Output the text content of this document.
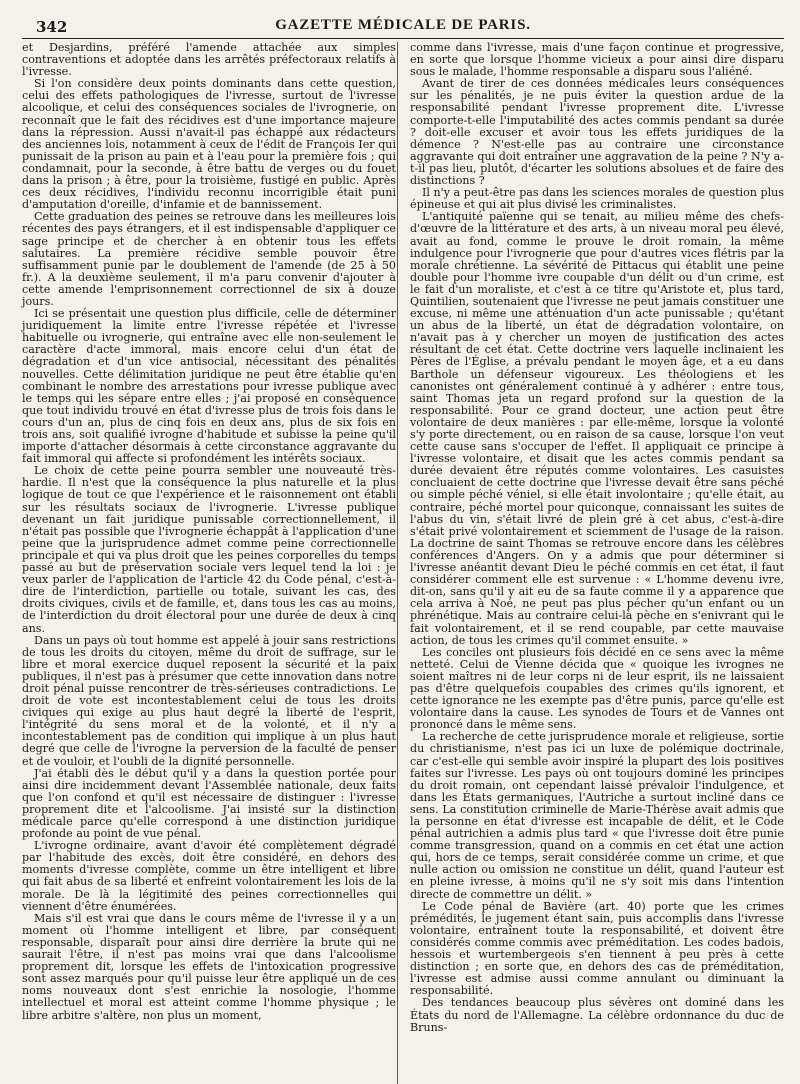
342	GAZETTE MÉDICALE DE PARIS.

et Desjardins, préféré l'amende attachée aux simples contraventions et adoptée dans les arrêtés préfectoraux relatifs à l'ivresse.

Si l'on considère deux points dominants dans cette question, celui des effets pathologiques de l'ivresse, surtout de l'ivresse alcoolique, et celui des conséquences sociales de l'ivrognerie, on reconnaît que le fait des récidives est d'une importance majeure dans la répression. Aussi n'avait-il pas échappé aux rédacteurs des anciennes lois, notamment à ceux de l'édit de François Ier qui punissait de la prison au pain et à l'eau pour la première fois ; qui condamnait, pour la seconde, à être battu de verges ou du fouet dans la prison ; à être, pour la troisième, fustigé en public. Après ces deux récidives, l'individu reconnu incorrigible était puni d'amputation d'oreille, d'infamie et de bannissement.

Cette graduation des peines se retrouve dans les meilleures lois récentes des pays étrangers, et il est indispensable d'appliquer ce sage principe et de chercher à en obtenir tous les effets salutaires. La première récidive semble pouvoir être suffisamment punie par le doublement de l'amende (de 25 à 50 fr.). A la deuxième seulement, il m'a paru convenir d'ajouter à cette amende l'emprisonnement correctionnel de six à douze jours.

Ici se présentait une question plus difficile, celle de déterminer juridiquement la limite entre l'ivresse répétée et l'ivresse habituelle ou ivrognerie, qui entraîne avec elle non-seulement le caractère d'acte immoral, mais encore celui d'un état de dégradation et d'un vice antisocial, nécessitant des pénalités nouvelles. Cette délimitation juridique ne peut être établie qu'en combinant le nombre des arrestations pour ivresse publique avec le temps qui les sépare entre elles ; j'ai proposé en conséquence que tout individu trouvé en état d'ivresse plus de trois fois dans le cours d'un an, plus de cinq fois en deux ans, plus de six fois en trois ans, soit qualifié ivrogne d'habitude et subisse la peine qu'il importe d'attacher désormais à cette circonstance aggravante du fait immoral qui affecte si profondément les intérêts sociaux.

Le choix de cette peine pourra sembler une nouveauté très-hardie. Il n'est que la conséquence la plus naturelle et la plus logique de tout ce que l'expérience et le raisonnement ont établi sur les résultats sociaux de l'ivrognerie. L'ivresse publique devenant un fait juridique punissable correctionnellement, il n'était pas possible que l'ivrognerie échappât à l'application d'une peine que la jurisprudence admet comme peine correctionnelle principale et qui va plus droit que les peines corporelles du temps passé au but de préservation sociale vers lequel tend la loi : je veux parler de l'application de l'article 42 du Code pénal, c'est-à-dire de l'interdiction, partielle ou totale, suivant les cas, des droits civiques, civils et de famille, et, dans tous les cas au moins, de l'interdiction du droit électoral pour une durée de deux à cinq ans.

Dans un pays où tout homme est appelé à jouir sans restrictions de tous les droits du citoyen, même du droit de suffrage, sur le libre et moral exercice duquel reposent la sécurité et la paix publiques, il n'est pas à présumer que cette innovation dans notre droit pénal puisse rencontrer de très-sérieuses contradictions. Le droit de vote est incontestablement celui de tous les droits civiques qui exige au plus haut degré la liberté de l'esprit, l'intégrité du sens moral et de la volonté, et il n'y a incontestablement pas de condition qui implique à un plus haut degré que celle de l'ivrogne la perversion de la faculté de penser et de vouloir, et l'oubli de la dignité personnelle.

J'ai établi dès le début qu'il y a dans la question portée pour ainsi dire incidemment devant l'Assemblée nationale, deux faits que l'on confond et qu'il est nécessaire de distinguer : l'ivresse proprement dite et l'alcoolisme. J'ai insisté sur la distinction médicale parce qu'elle correspond à une distinction juridique profonde au point de vue pénal.

L'ivrogne ordinaire, avant d'avoir été complètement dégradé par l'habitude des excès, doit être considéré, en dehors des moments d'ivresse complète, comme un être intelligent et libre qui fait abus de sa liberté et enfreint volontairement les lois de la morale. De là la légitimité des peines correctionnelles qui viennent d'être énumérées.

Mais s'il est vrai que dans le cours même de l'ivresse il y a un moment où l'homme intelligent et libre, par conséquent responsable, disparaît pour ainsi dire derrière la brute qui ne saurait l'être, il n'est pas moins vrai que dans l'alcoolisme proprement dit, lorsque les effets de l'intoxication progressive sont assez marqués pour qu'il puisse leur être appliqué un de ces noms nouveaux dont s'est enrichie la nosologie, l'homme intellectuel et moral est atteint comme l'homme physique ; le libre arbitre s'altère, non plus un moment,

comme dans l'ivresse, mais d'une façon continue et progressive, en sorte que lorsque l'homme vicieux a pour ainsi dire disparu sous le malade, l'homme responsable a disparu sous l'aliéné.

Avant de tirer de ces données médicales leurs conséquences sur les pénalités, je ne puis éviter la question ardue de la responsabilité pendant l'ivresse proprement dite. L'ivresse comporte-t-elle l'imputabilité des actes commis pendant sa durée ? doit-elle excuser et avoir tous les effets juridiques de la démence ? N'est-elle pas au contraire une circonstance aggravante qui doit entraîner une aggravation de la peine ? N'y a-t-il pas lieu, plutôt, d'écarter les solutions absolues et de faire des distinctions ?

Il n'y a peut-être pas dans les sciences morales de question plus épineuse et qui ait plus divisé les criminalistes.

L'antiquité païenne qui se tenait, au milieu même des chefs-d'œuvre de la littérature et des arts, à un niveau moral peu élevé, avait au fond, comme le prouve le droit romain, la même indulgence pour l'ivrognerie que pour d'autres vices flétris par la morale chrétienne. La sévérité de Pittacus qui établit une peine double pour l'homme ivre coupable d'un délit ou d'un crime, est le fait d'un moraliste, et c'est à ce titre qu'Aristote et, plus tard, Quintilien, soutenaient que l'ivresse ne peut jamais constituer une excuse, ni même une atténuation d'un acte punissable ; qu'étant un abus de la liberté, un état de dégradation volontaire, on n'avait pas à y chercher un moyen de justification des actes résultant de cet état. Cette doctrine vers laquelle inclinaient les Pères de l'Église, a prévalu pendant le moyen âge, et a eu dans Barthole un défenseur vigoureux. Les théologiens et les canonistes ont généralement continué à y adhérer : entre tous, saint Thomas jeta un regard profond sur la question de la responsabilité. Pour ce grand docteur, une action peut être volontaire de deux manières : par elle-même, lorsque la volonté s'y porte directement, ou en raison de sa cause, lorsque l'on veut cette cause sans s'occuper de l'effet. Il appliquait ce principe à l'ivresse volontaire, et disait que les actes commis pendant sa durée devaient être réputés comme volontaires. Les casuistes concluaient de cette doctrine que l'ivresse devait être sans péché ou simple péché véniel, si elle était involontaire ; qu'elle était, au contraire, péché mortel pour quiconque, connaissant les suites de l'abus du vin, s'était livré de plein gré à cet abus, c'est-à-dire s'était privé volontairement et sciemment de l'usage de la raison. La doctrine de saint Thomas se retrouve encore dans les célèbres conférences d'Angers. On y a admis que pour déterminer si l'ivresse anéantit devant Dieu le péché commis en cet état, il faut considérer comment elle est survenue : « L'homme devenu ivre, dit-on, sans qu'il y ait eu de sa faute comme il y a apparence que cela arriva à Noé, ne peut pas plus pécher qu'un enfant ou un phrénétique. Mais au contraire celui-là pèche en s'enivrant qui le fait volontairement, et il se rend coupable, par cette mauvaise action, de tous les crimes qu'il commet ensuite. »

Les conciles ont plusieurs fois décidé en ce sens avec la même netteté. Celui de Vienne décida que « quoique les ivrognes ne soient maîtres ni de leur corps ni de leur esprit, ils ne laissaient pas d'être quelquefois coupables des crimes qu'ils ignorent, et cette ignorance ne les exempte pas d'être punis, parce qu'elle est volontaire dans la cause. Les synodes de Tours et de Vannes ont prononcé dans le même sens.

La recherche de cette jurisprudence morale et religieuse, sortie du christianisme, n'est pas ici un luxe de polémique doctrinale, car c'est-elle qui semble avoir inspiré la plupart des lois positives faites sur l'ivresse. Les pays où ont toujours dominé les principes du droit romain, ont cependant laissé prévaloir l'indulgence, et dans les États germaniques, l'Autriche a surtout incliné dans ce sens. La constitution criminelle de Marie-Thérèse avait admis que la personne en état d'ivresse est incapable de délit, et le Code pénal autrichien a admis plus tard « que l'ivresse doit être punie comme transgression, quand on a commis en cet état une action qui, hors de ce temps, serait considérée comme un crime, et que nulle action ou omission ne constitue un délit, quand l'auteur est en pleine ivresse, à moins qu'il ne s'y soit mis dans l'intention directe de commettre un délit. »

Le Code pénal de Bavière (art. 40) porte que les crimes prémédités, le jugement étant sain, puis accomplis dans l'ivresse volontaire, entraînent toute la responsabilité, et doivent être considérés comme commis avec préméditation. Les codes badois, hessois et wurtembergeois s'en tiennent à peu près à cette distinction ; en sorte que, en dehors des cas de préméditation, l'ivresse est admise aussi comme annulant ou diminuant la responsabilité.

Des tendances beaucoup plus sévères ont dominé dans les États du nord de l'Allemagne. La célèbre ordonnance du duc de Bruns-
